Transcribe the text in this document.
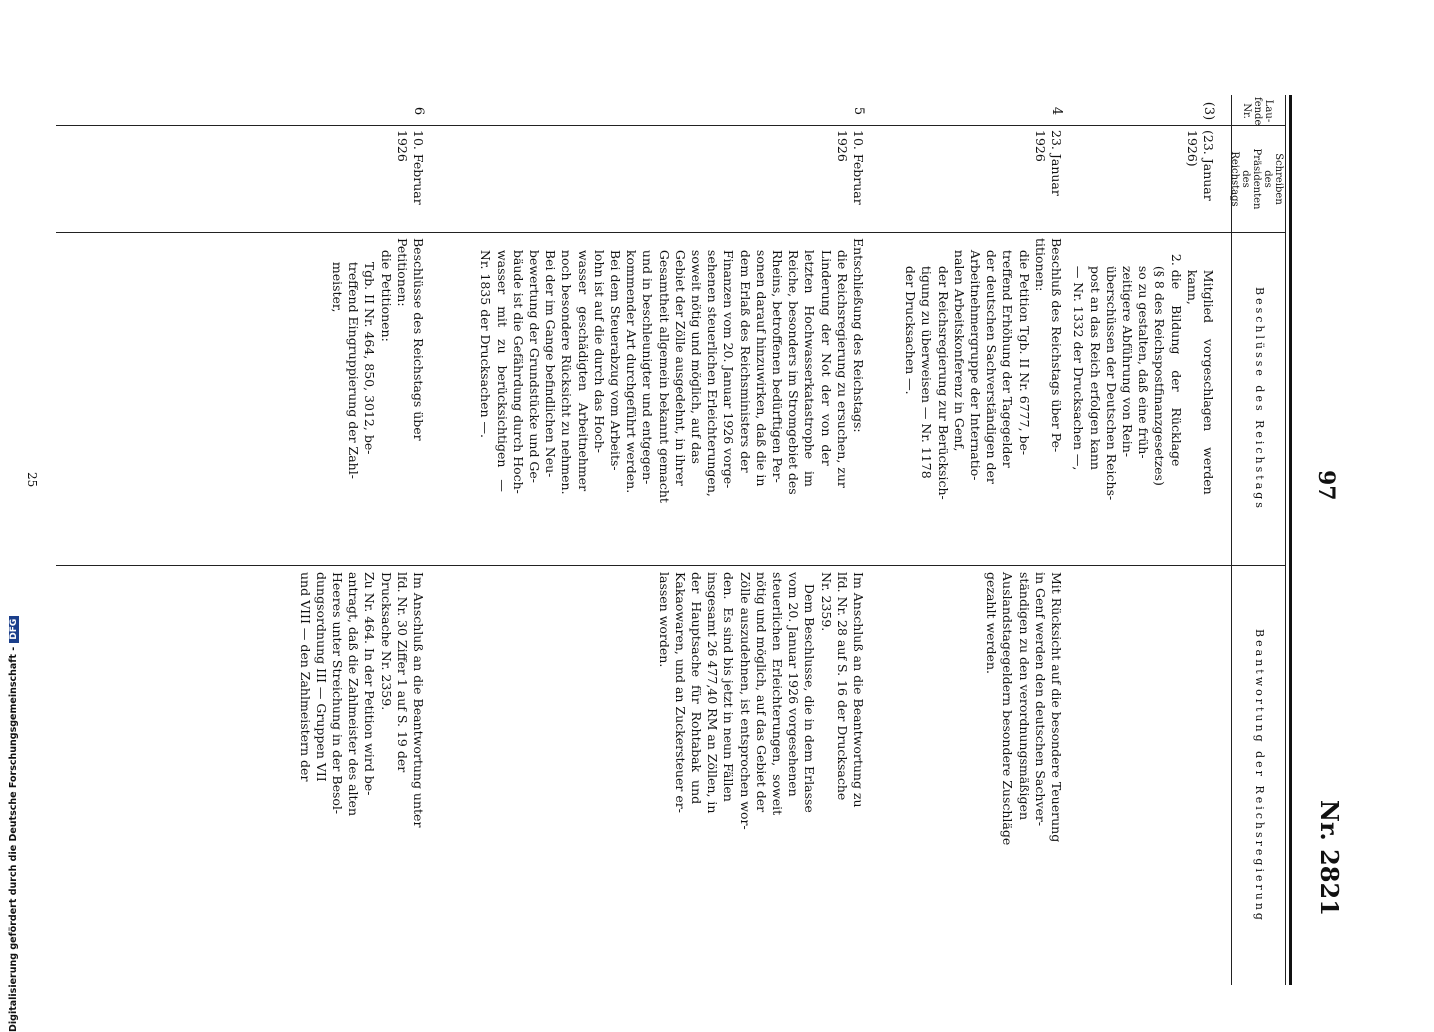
97
Nr. 2821
Lau-
fende
Nr.
Schreiben
des
Präsidenten
des
Reichstags
Beschlüsse des Reichstags
Beantwortung der Reichsregierung
(3)
(23. Januar
1926)
Mitglied    vorgeschlagen    werden
kann,
2. die    Bildung    der    Rücklage
(§ 8 des Reichspostfinanzgesetzes)
so zu gestalten, daß eine früh-
zeitigere Abführung von Rein-
überschüssen der Deutschen Reichs-
post an das Reich erfolgen kann
— Nr. 1332 der Drucksachen —,
4
23. Januar
1926
Beschluß des Reichstags über Pe-
titionen:
die Petition Tgb. II Nr. 6777, be-
treffend Erhöhung der Tagegelder
der deutschen Sachverständigen der
Arbeitnehmergruppe der Internatio-
nalen Arbeitskonferenz in Genf,
der Reichsregierung zur Berücksich-
tigung zu überweisen — Nr. 1178
der Drucksachen —.
Mit Rücksicht auf die besondere Teuerung
in Genf werden den deutschen Sachver-
ständigen zu den verordnungsmäßigen
Auslandstagegeldern besondere Zuschläge
gezahlt werden.
5
10. Februar
1926
Entschließung des Reichstags:
die Reichsregierung zu ersuchen, zur
Linderung  der  Not  der  von  der
letzten   Hochwasserkatastrophe   im
Reiche, besonders im Stromgebiet des
Rheins, betroffenen bedürftigen Per-
sonen darauf hinzuwirken, daß die in
dem Erlaß des Reichsministers der
Finanzen vom 20. Januar 1926 vorge-
sehenen steuerlichen Erleichterungen,
soweit nötig und möglich, auf das
Gebiet der Zölle ausgedehnt, in ihrer
Gesamtheit allgemein bekannt gemacht
und in beschleunigter und entgegen-
kommender Art durchgeführt werden.
Bei dem Steuerabzug vom Arbeits-
lohn ist auf die durch das Hoch-
wasser   geschädigten   Arbeitnehmer
noch besondere Rücksicht zu nehmen.
Bei der im Gange befindlichen Neu-
bewertung der Grundstücke und Ge-
bäude ist die Gefährdung durch Hoch-
wasser   mit   zu   berücksichtigen   —
Nr. 1835 der Drucksachen —.
Im Anschluß an die Beantwortung zu
lfd. Nr. 28 auf S. 16 der Drucksache
Nr. 2359.
Dem Beschlusse, die in dem Erlasse
vom 20. Januar 1926 vorgesehenen
steuerlichen  Erleichterungen,  soweit
nötig und möglich, auf das Gebiet der
Zölle auszudehnen, ist entsprochen wor-
den.  Es sind bis jetzt in neun Fällen
insgesamt 26 477,40 RM an Zöllen, in
der  Hauptsache  für  Rohtabak  und
Kakaowaren, und an Zuckersteuer er-
lassen worden.
6
10. Februar
1926
Beschlüsse des Reichstags über
Petitionen:
die Petitionen:
Tgb. II Nr. 464, 850, 3012, be-
treffend Eingruppierung der Zahl-
meister,
Im Anschluß an die Beantwortung unter
lfd. Nr. 30 Ziffer 1 auf S. 19 der
Drucksache Nr. 2359.
Zu Nr. 464. In der Petition wird be-
antragt, daß die Zahlmeister des alten
Heeres unter Streichung in der Besol-
dungsordnung III — Gruppen VII
und VIII — den Zahlmeistern der
25
Digitalisierung gefördert durch die Deutsche Forschungsgemeinschaft -DFG
